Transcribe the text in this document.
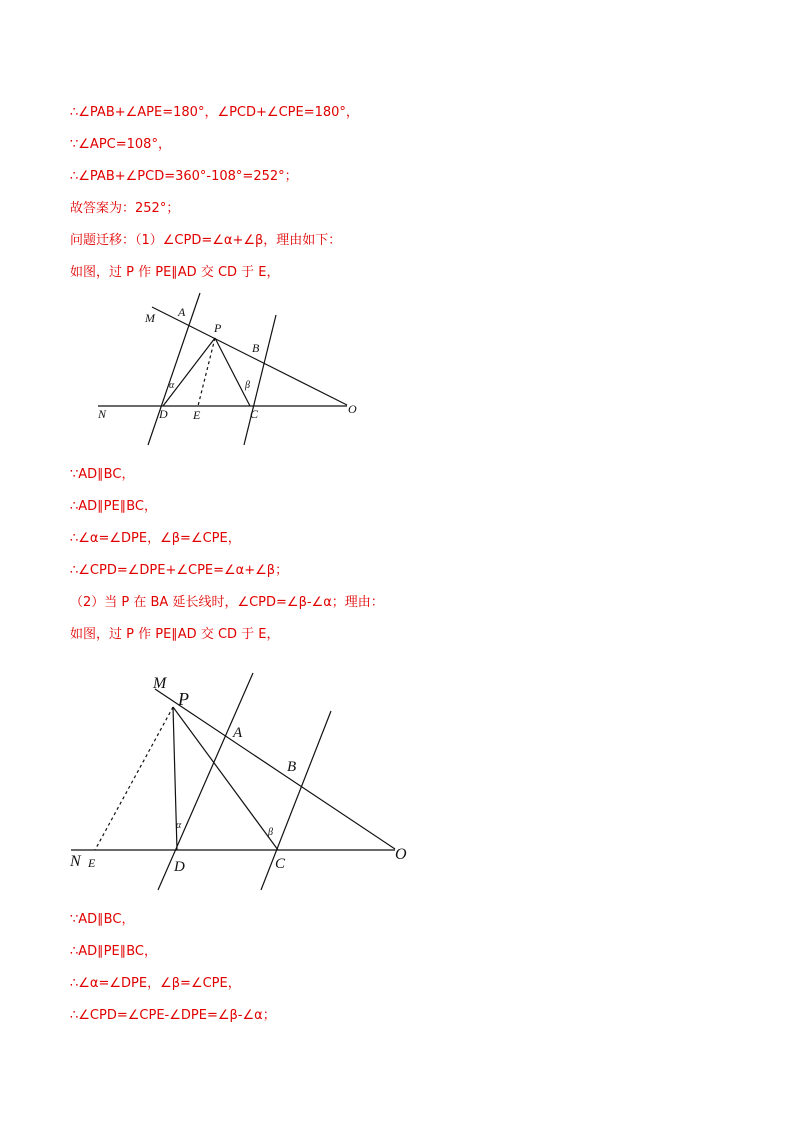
∴∠PAB+∠APE=180°，∠PCD+∠CPE=180°，
∵∠APC=108°，
∴∠PAB+∠PCD=360°-108°=252°；
故答案为：252°；
问题迁移：（1）∠CPD=∠α+∠β，理由如下：
如图，过 P 作 PE∥AD 交 CD 于 E，
M A
P
B
α	β
N	D E	C	O
∵AD∥BC，
∴AD∥PE∥BC，
∴∠α=∠DPE，∠β=∠CPE，
∴∠CPD=∠DPE+∠CPE=∠α+∠β；
（2）当 P 在 BA 延长线时，∠CPD=∠β-∠α；理由：
如图，过 P 作 PE∥AD 交 CD 于 E，
M
P
A
B
α
β
N E	D	C
O
∵AD∥BC，
∴AD∥PE∥BC，
∴∠α=∠DPE，∠β=∠CPE，
∴∠CPD=∠CPE-∠DPE=∠β-∠α；
